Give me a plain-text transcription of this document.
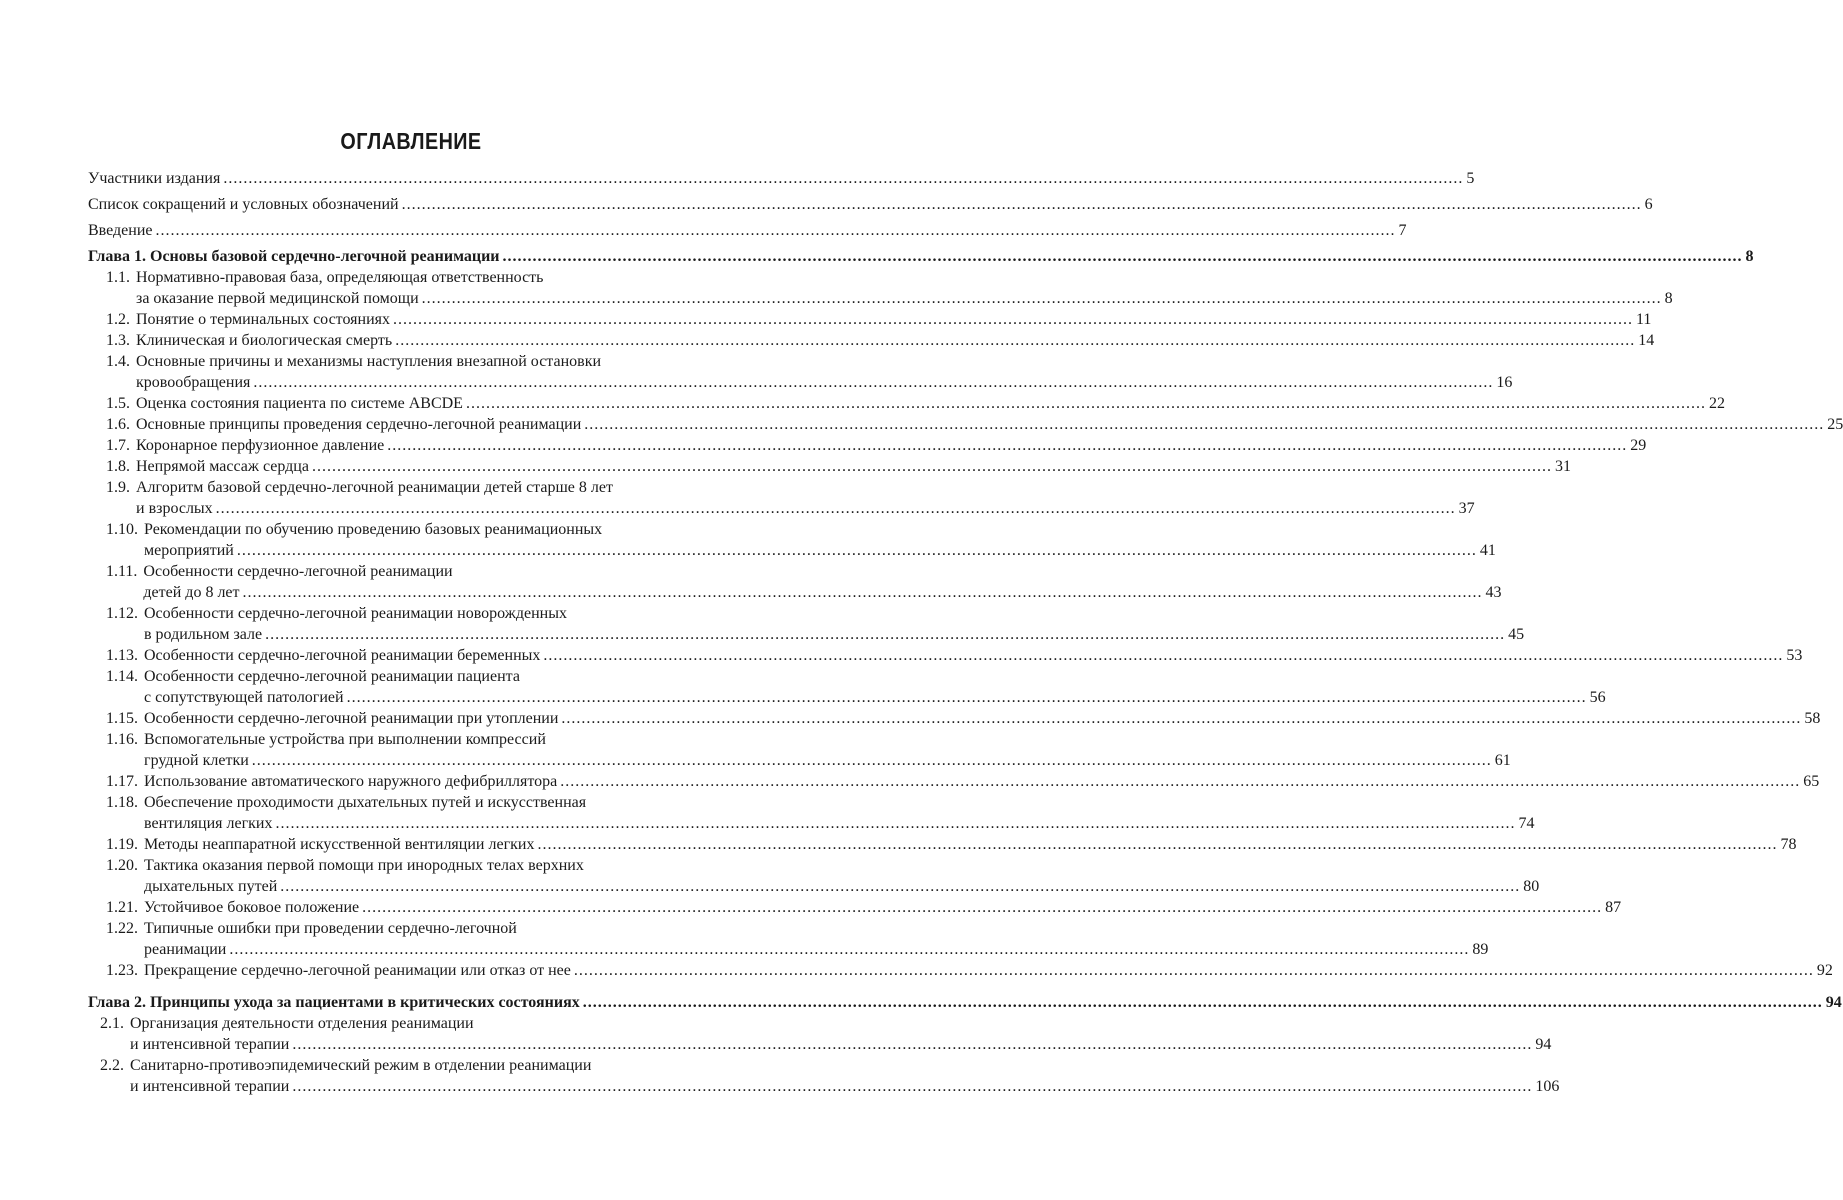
ОГЛАВЛЕНИЕ
Участники издания .....	5
Список сокращений и условных обозначений .....	6
Введение .....	7
Глава 1. Основы базовой сердечно-легочной реанимации .....	8
1.1. Нормативно-правовая база, определяющая ответственность
за оказание первой медицинской помощи .....	8
1.2. Понятие о терминальных состояниях .....	11
1.3. Клиническая и биологическая смерть .....	14
1.4. Основные причины и механизмы наступления внезапной остановки
кровообращения .....	16
1.5. Оценка состояния пациента по системе ABCDE .....	22
1.6. Основные принципы проведения сердечно-легочной реанимации .....	25
1.7. Коронарное перфузионное давление .....	29
1.8. Непрямой массаж сердца .....	31
1.9. Алгоритм базовой сердечно-легочной реанимации детей старше 8 лет
и взрослых .....	37
1.10. Рекомендации по обучению проведению базовых реанимационных
мероприятий .....	41
1.11. Особенности сердечно-легочной реанимации
детей до 8 лет .....	43
1.12. Особенности сердечно-легочной реанимации новорожденных
в родильном зале .....	45
1.13. Особенности сердечно-легочной реанимации беременных .....	53
1.14. Особенности сердечно-легочной реанимации пациента
с сопутствующей патологией .....	56
1.15. Особенности сердечно-легочной реанимации при утоплении .....	58
1.16. Вспомогательные устройства при выполнении компрессий
грудной клетки .....	61
1.17. Использование автоматического наружного дефибриллятора .....	65
1.18. Обеспечение проходимости дыхательных путей и искусственная
вентиляция легких .....	74
1.19. Методы неаппаратной искусственной вентиляции легких .....	78
1.20. Тактика оказания первой помощи при инородных телах верхних
дыхательных путей .....	80
1.21. Устойчивое боковое положение .....	87
1.22. Типичные ошибки при проведении сердечно-легочной
реанимации .....	89
1.23. Прекращение сердечно-легочной реанимации или отказ от нее .....	92
Глава 2. Принципы ухода за пациентами в критических состояниях .....	94
2.1. Организация деятельности отделения реанимации
и интенсивной терапии .....	94
2.2. Санитарно-противоэпидемический режим в отделении реанимации
и интенсивной терапии .....	106
